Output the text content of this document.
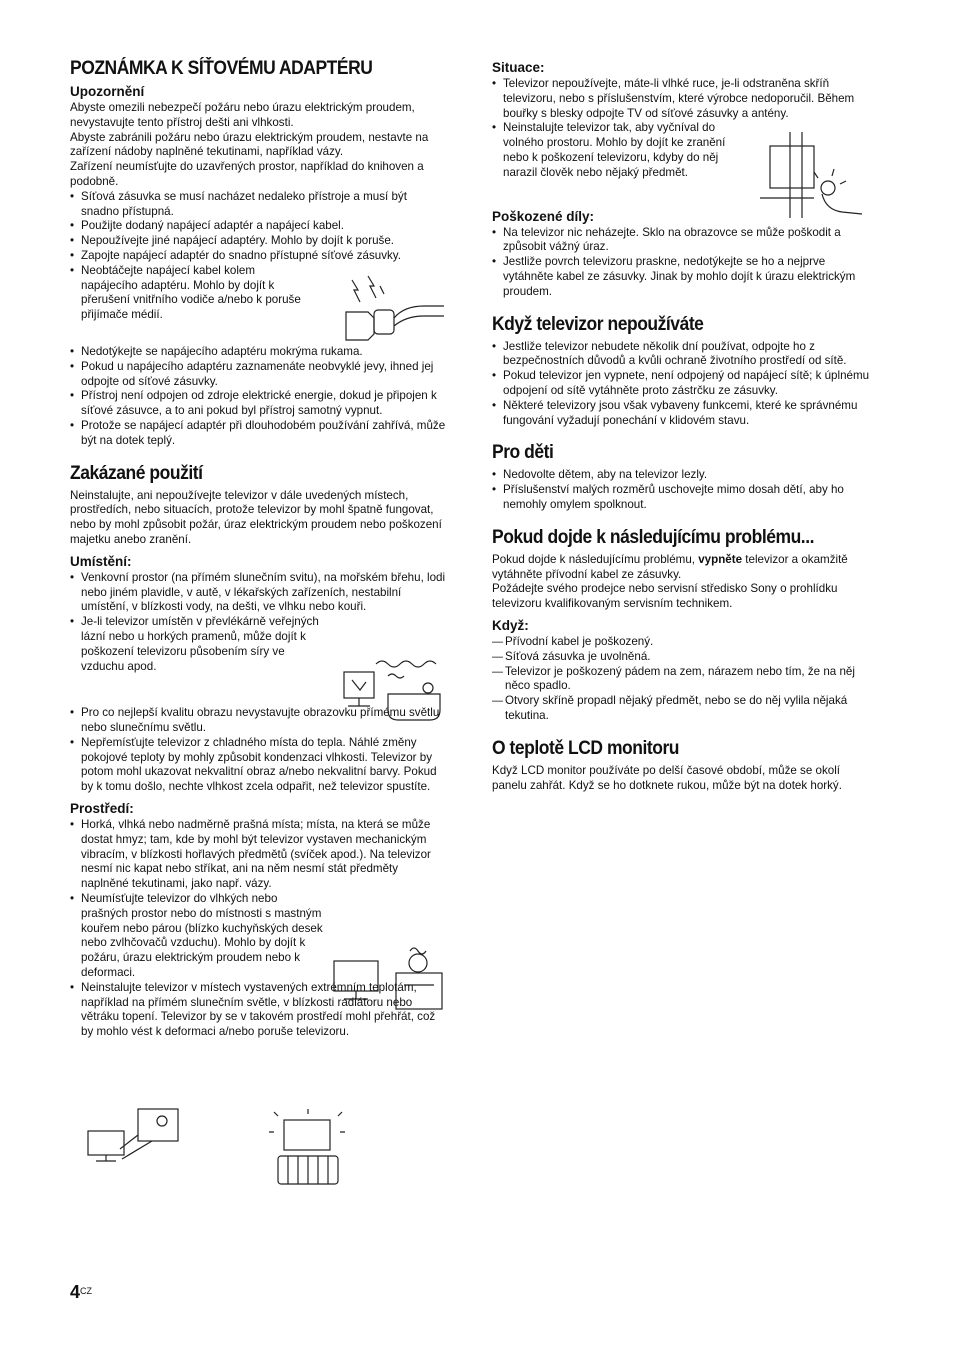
POZNÁMKA K SÍŤOVÉMU ADAPTÉRU
Upozornění

Abyste omezili nebezpečí požáru nebo úrazu elektrickým proudem, nevystavujte tento přístroj dešti ani vlhkosti.

Abyste zabránili požáru nebo úrazu elektrickým proudem, nestavte na zařízení nádoby naplněné tekutinami, například vázy.

Zařízení neumísťujte do uzavřených prostor, například do knihoven a podobně.

• Síťová zásuvka se musí nacházet nedaleko přístroje a musí být snadno přístupná.
• Použijte dodaný napájecí adaptér a napájecí kabel.
• Nepoužívejte jiné napájecí adaptéry. Mohlo by dojít k poruše.
• Zapojte napájecí adaptér do snadno přístupné síťové zásuvky.
• Neobtáčejte napájecí kabel kolem napájecího adaptéru. Mohlo by dojít k přerušení vnitřního vodiče a/nebo k poruše přijímače médií.
• Nedotýkejte se napájecího adaptéru mokrýma rukama.
• Pokud u napájecího adaptéru zaznamenáte neobvyklé jevy, ihned jej odpojte od síťové zásuvky.
• Přístroj není odpojen od zdroje elektrické energie, dokud je připojen k síťové zásuvce, a to ani pokud byl přístroj samotný vypnut.
• Protože se napájecí adaptér při dlouhodobém používání zahřívá, může být na dotek teplý.
Zakázané použití

Neinstalujte, ani nepoužívejte televizor v dále uvedených místech, prostředích, nebo situacích, protože televizor by mohl špatně fungovat, nebo by mohl způsobit požár, úraz elektrickým proudem nebo poškození majetku anebo zranění.

Umístění:
• Venkovní prostor (na přímém slunečním svitu), na mořském břehu, lodi nebo jiném plavidle, v autě, v lékařských zařízeních, nestabilní umístění, v blízkosti vody, na dešti, ve vlhku nebo kouři.
• Je-li televizor umístěn v převlékárně veřejných lázní nebo u horkých pramenů, může dojít k poškození televizoru působením síry ve vzduchu apod.
• Pro co nejlepší kvalitu obrazu nevystavujte obrazovku přímému světlu nebo slunečnímu světlu.
• Nepřemísťujte televizor z chladného místa do tepla. Náhlé změny pokojové teploty by mohly způsobit kondenzaci vlhkosti. Televizor by potom mohl ukazovat nekvalitní obraz a/nebo nekvalitní barvy. Pokud by k tomu došlo, nechte vlhkost zcela odpařit, než televizor spustíte.
Prostředí:
• Horká, vlhká nebo nadměrně prašná místa; místa, na která se může dostat hmyz; tam, kde by mohl být televizor vystaven mechanickým vibracím, v blízkosti hořlavých předmětů (svíček apod.). Na televizor nesmí nic kapat nebo stříkat, ani na něm nesmí stát předměty naplněné tekutinami, jako např. vázy.
• Neumísťujte televizor do vlhkých nebo prašných prostor nebo do místnosti s mastným kouřem nebo párou (blízko kuchyňských desek nebo zvlhčovačů vzduchu). Mohlo by dojít k požáru, úrazu elektrickým proudem nebo k deformaci.
• Neinstalujte televizor v místech vystavených extrémním teplotám, například na přímém slunečním světle, v blízkosti radiátoru nebo větráku topení. Televizor by se v takovém prostředí mohl přehřát, což by mohlo vést k deformaci a/nebo poruše televizoru.
$4^{CZ}$
Situace:
• Televizor nepoužívejte, máte-li vlhké ruce, je-li odstraněna skříň televizoru, nebo s příslušenstvím, které výrobce nedoporučil. Během bouřky s blesky odpojte TV od síťové zásuvky a antény.
• Neinstalujte televizor tak, aby vyčníval do volného prostoru. Mohlo by dojít ke zranění nebo k poškození televizoru, kdyby do něj narazil člověk nebo nějaký předmět.
Poškozené díly:
• Na televizor nic neházejte. Sklo na obrazovce se může poškodit a způsobit vážný úraz.
• Jestliže povrch televizoru praskne, nedotýkejte se ho a nejprve vytáhněte kabel ze zásuvky. Jinak by mohlo dojít k úrazu elektrickým proudem.
Když televizor nepoužíváte
• Jestliže televizor nebudete několik dní používat, odpojte ho z bezpečnostních důvodů a kvůli ochraně životního prostředí od sítě.
• Pokud televizor jen vypnete, není odpojený od napájecí sítě; k úplnému odpojení od sítě vytáhněte proto zástrčku ze zásuvky.
• Některé televizory jsou však vybaveny funkcemi, které ke správnému fungování vyžadují ponechání v klidovém stavu.
Pro děti
• Nedovolte dětem, aby na televizor lezly.
• Příslušenství malých rozměrů uschovejte mimo dosah dětí, aby ho nemohly omylem spolknout.
Pokud dojde k následujícímu problému...

Pokud dojde k následujícímu problému, vypněte televizor a okamžitě vytáhněte přívodní kabel ze zásuvky.

Požádejte svého prodejce nebo servisní středisko Sony o prohlídku televizoru kvalifikovaným servisním technikem.

Když:
— Přívodní kabel je poškozený.
— Síťová zásuvka je uvolněná.
— Televizor je poškozený pádem na zem, nárazem nebo tím, že na něj něco spadlo.
— Otvory skříně propadl nějaký předmět, nebo se do něj vylila nějaká tekutina.
O teplotě LCD monitoru

Když LCD monitor používáte po delší časové období, může se okolí panelu zahřát. Když se ho dotknete rukou, může být na dotek horký.
